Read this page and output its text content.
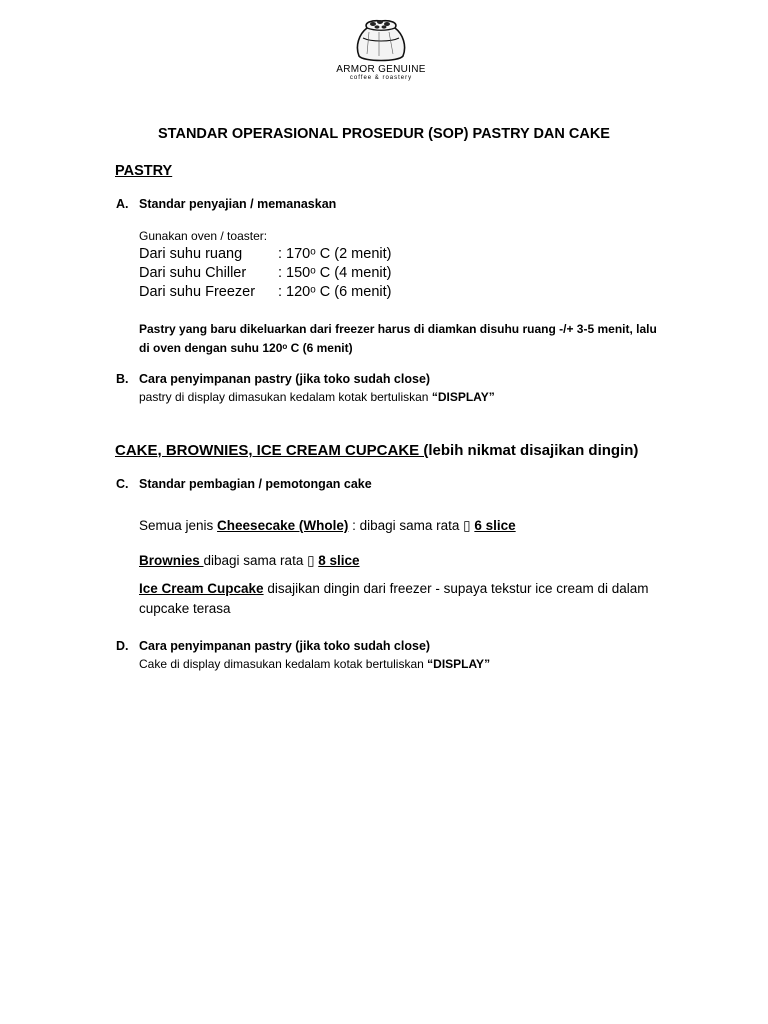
ARMOR GENUINE
coffee & roastery
STANDAR OPERASIONAL PROSEDUR (SOP) PASTRY DAN CAKE
PASTRY
A. Standar penyajian / memanaskan
Gunakan oven / toaster:
Dari suhu ruang : 170ᵒ C (2 menit)
Dari suhu Chiller : 150ᵒ C (4 menit)
Dari suhu Freezer : 120ᵒ C (6 menit)
Pastry yang baru dikeluarkan dari freezer harus di diamkan disuhu ruang -/+ 3-5 menit, lalu
di oven dengan suhu 120ᵒ C (6 menit)
B. Cara penyimpanan pastry (jika toko sudah close)
pastry di display dimasukan kedalam kotak bertuliskan “DISPLAY”
CAKE, BROWNIES, ICE CREAM CUPCAKE (lebih nikmat disajikan dingin)
C. Standar pembagian / pemotongan cake
Semua jenis Cheesecake (Whole) : dibagi sama rata ▯ 6 slice
Brownies dibagi sama rata ▯ 8 slice
Ice Cream Cupcake disajikan dingin dari freezer - supaya tekstur ice cream di dalam
cupcake terasa
D. Cara penyimpanan pastry (jika toko sudah close)
Cake di display dimasukan kedalam kotak bertuliskan “DISPLAY”
